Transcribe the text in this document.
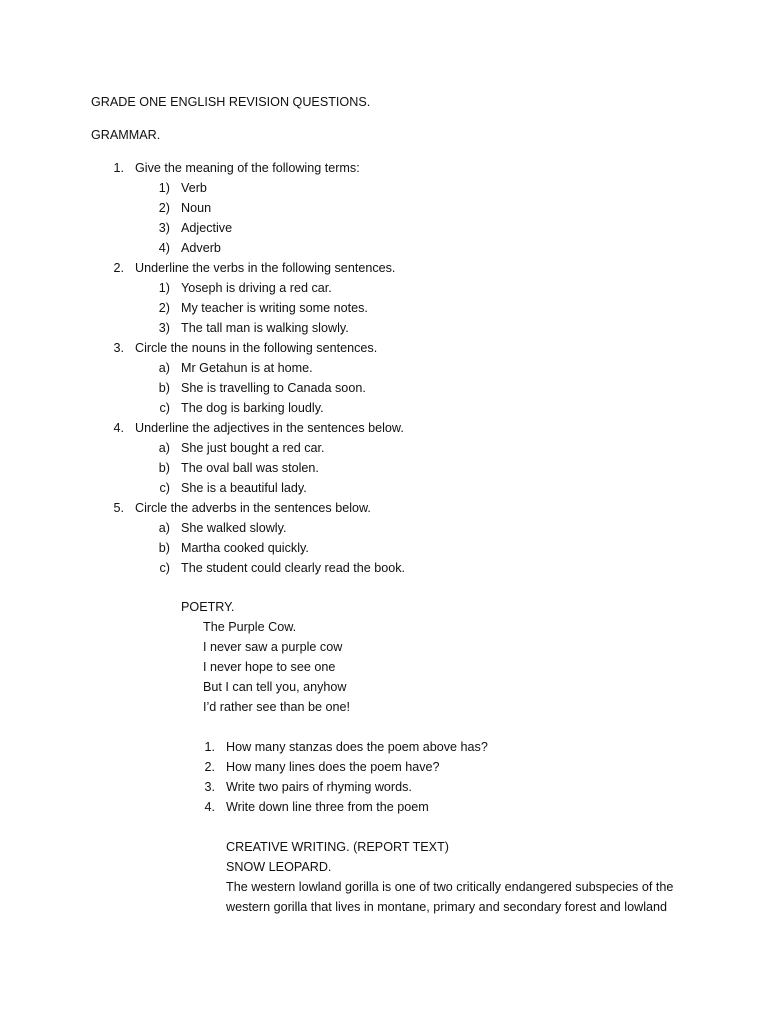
GRADE ONE ENGLISH REVISION QUESTIONS.
GRAMMAR.
1. Give the meaning of the following terms:
1) Verb
2) Noun
3) Adjective
4) Adverb
2. Underline the verbs in the following sentences.
1) Yoseph is driving a red car.
2) My teacher is writing some notes.
3) The tall man is walking slowly.
3. Circle the nouns in the following sentences.
a) Mr Getahun is at home.
b) She is travelling to Canada soon.
c) The dog is barking loudly.
4. Underline the adjectives in the sentences below.
a) She just bought a red car.
b) The oval ball was stolen.
c) She is a beautiful lady.
5. Circle the adverbs in the sentences below.
a) She walked slowly.
b) Martha cooked quickly.
c) The student could clearly read the book.
POETRY.
The Purple Cow.
I never saw a purple cow
I never hope to see one
But I can tell you, anyhow
I’d rather see than be one!
1. How many stanzas does the poem above has?
2. How many lines does the poem have?
3. Write two pairs of rhyming words.
4. Write down line three from the poem
CREATIVE WRITING. (REPORT TEXT)
SNOW LEOPARD.
The western lowland gorilla is one of two critically endangered subspecies of the
western gorilla that lives in montane, primary and secondary forest and lowland
